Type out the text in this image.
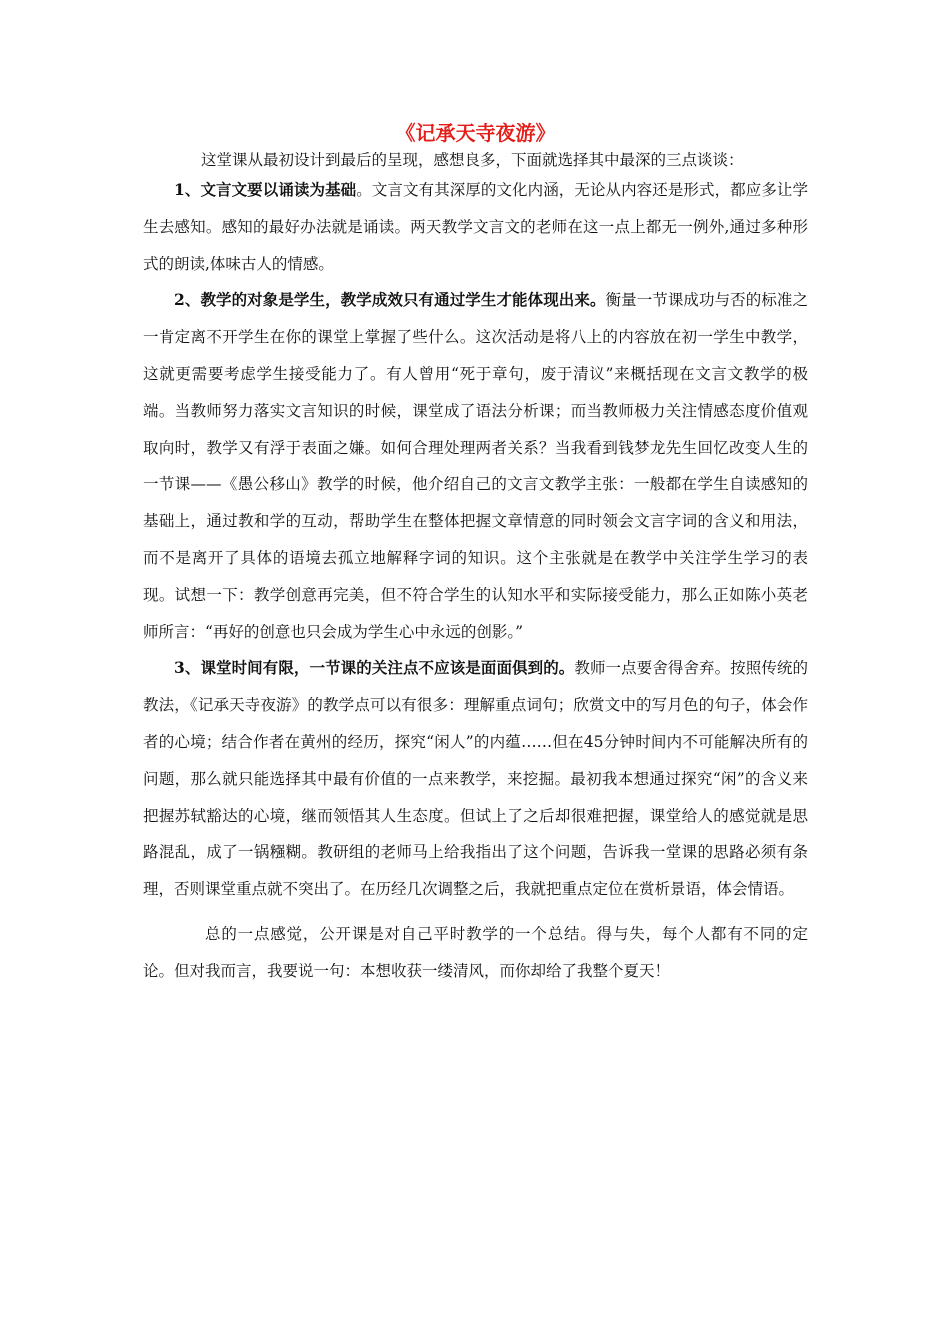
《记承天寺夜游》

这堂课从最初设计到最后的呈现，感想良多，下面就选择其中最深的三点谈谈：

1、文言文要以诵读为基础。文言文有其深厚的文化内涵，无论从内容还是形式，都应多让学生去感知。感知的最好办法就是诵读。两天教学文言文的老师在这一点上都无一例外,通过多种形式的朗读,体味古人的情感。

2、教学的对象是学生，教学成效只有通过学生才能体现出来。衡量一节课成功与否的标准之一肯定离不开学生在你的课堂上掌握了些什么。这次活动是将八上的内容放在初一学生中教学，这就更需要考虑学生接受能力了。有人曾用“死于章句，废于清议”来概括现在文言文教学的极端。当教师努力落实文言知识的时候，课堂成了语法分析课；而当教师极力关注情感态度价值观取向时，教学又有浮于表面之嫌。如何合理处理两者关系？当我看到钱梦龙先生回忆改变人生的一节课——《愚公移山》教学的时候，他介绍自己的文言文教学主张：一般都在学生自读感知的基础上，通过教和学的互动，帮助学生在整体把握文章情意的同时领会文言字词的含义和用法，而不是离开了具体的语境去孤立地解释字词的知识。这个主张就是在教学中关注学生学习的表现。试想一下：教学创意再完美，但不符合学生的认知水平和实际接受能力，那么正如陈小英老师所言：“再好的创意也只会成为学生心中永远的创影。”

3、课堂时间有限，一节课的关注点不应该是面面俱到的。教师一点要舍得舍弃。按照传统的教法，《记承天寺夜游》的教学点可以有很多：理解重点词句；欣赏文中的写月色的句子，体会作者的心境；结合作者在黄州的经历，探究“闲人”的内蕴……但在45分钟时间内不可能解决所有的问题，那么就只能选择其中最有价值的一点来教学，来挖掘。最初我本想通过探究“闲”的含义来把握苏轼豁达的心境，继而领悟其人生态度。但试上了之后却很难把握，课堂给人的感觉就是思路混乱，成了一锅糨糊。教研组的老师马上给我指出了这个问题，告诉我一堂课的思路必须有条理，否则课堂重点就不突出了。在历经几次调整之后，我就把重点定位在赏析景语，体会情语。

总的一点感觉，公开课是对自己平时教学的一个总结。得与失，每个人都有不同的定论。但对我而言，我要说一句：本想收获一缕清风，而你却给了我整个夏天！
